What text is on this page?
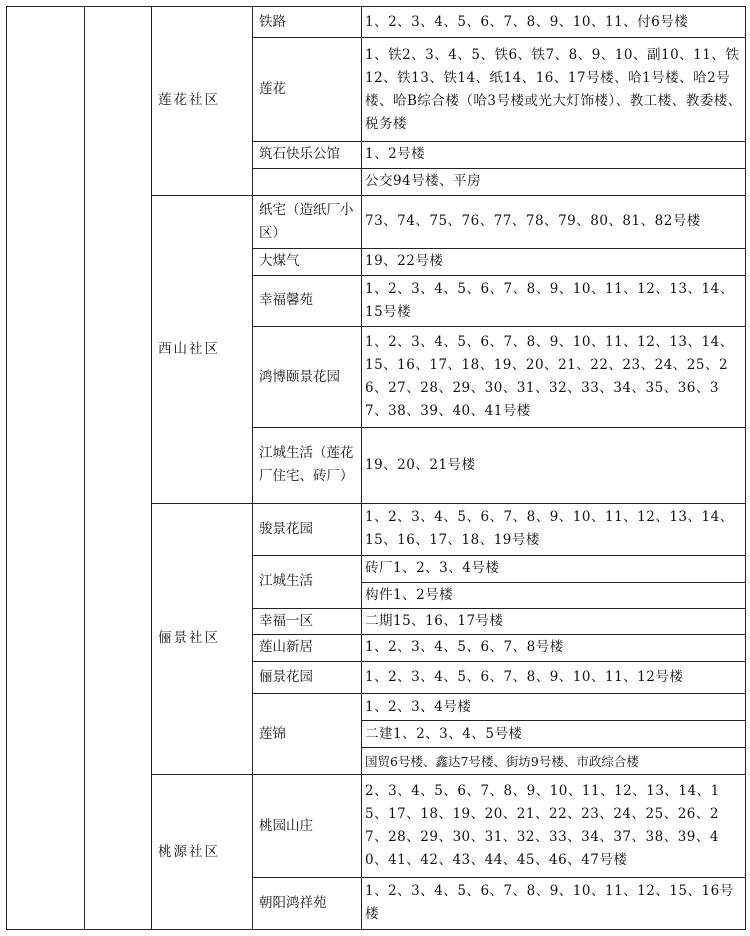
		莲花社区	铁路	1、2、3、4、5、6、7、8、9、10、11、付6号楼
			莲花	1、铁2、3、4、5、铁6、铁7、8、9、10、副10、11、铁12、铁13、铁14、纸14、16、17号楼、哈1号楼、哈2号楼、哈B综合楼（哈3号楼或光大灯饰楼）、教工楼、教委楼、税务楼
			筑石快乐公馆	1、2号楼
				公交94号楼、平房
		西山社区	纸宅（造纸厂小区）	73、74、75、76、77、78、79、80、81、82号楼
			大煤气	19、22号楼
			幸福馨苑	1、2、3、4、5、6、7、8、9、10、11、12、13、14、15号楼
			鸿博颐景花园	1、2、3、4、5、6、7、8、9、10、11、12、13、14、15、16、17、18、19、20、21、22、23、24、25、26、27、28、29、30、31、32、33、34、35、36、37、38、39、40、41号楼
			江城生活（莲花厂住宅、砖厂）	19、20、21号楼
		俪景社区	骏景花园	1、2、3、4、5、6、7、8、9、10、11、12、13、14、15、16、17、18、19号楼
			江城生活	砖厂1、2、3、4号楼
				构件1、2号楼
			幸福一区	二期15、16、17号楼
			莲山新居	1、2、3、4、5、6、7、8号楼
			俪景花园	1、2、3、4、5、6、7、8、9、10、11、12号楼
			莲锦	1、2、3、4号楼
				二建1、2、3、4、5号楼
				国贸6号楼、鑫达7号楼、街坊9号楼、市政综合楼
		桃源社区	桃园山庄	2、3、4、5、6、7、8、9、10、11、12、13、14、15、17、18、19、20、21、22、23、24、25、26、27、28、29、30、31、32、33、34、37、38、39、40、41、42、43、44、45、46、47号楼
			朝阳鸿祥苑	1、2、3、4、5、6、7、8、9、10、11、12、15、16号楼
